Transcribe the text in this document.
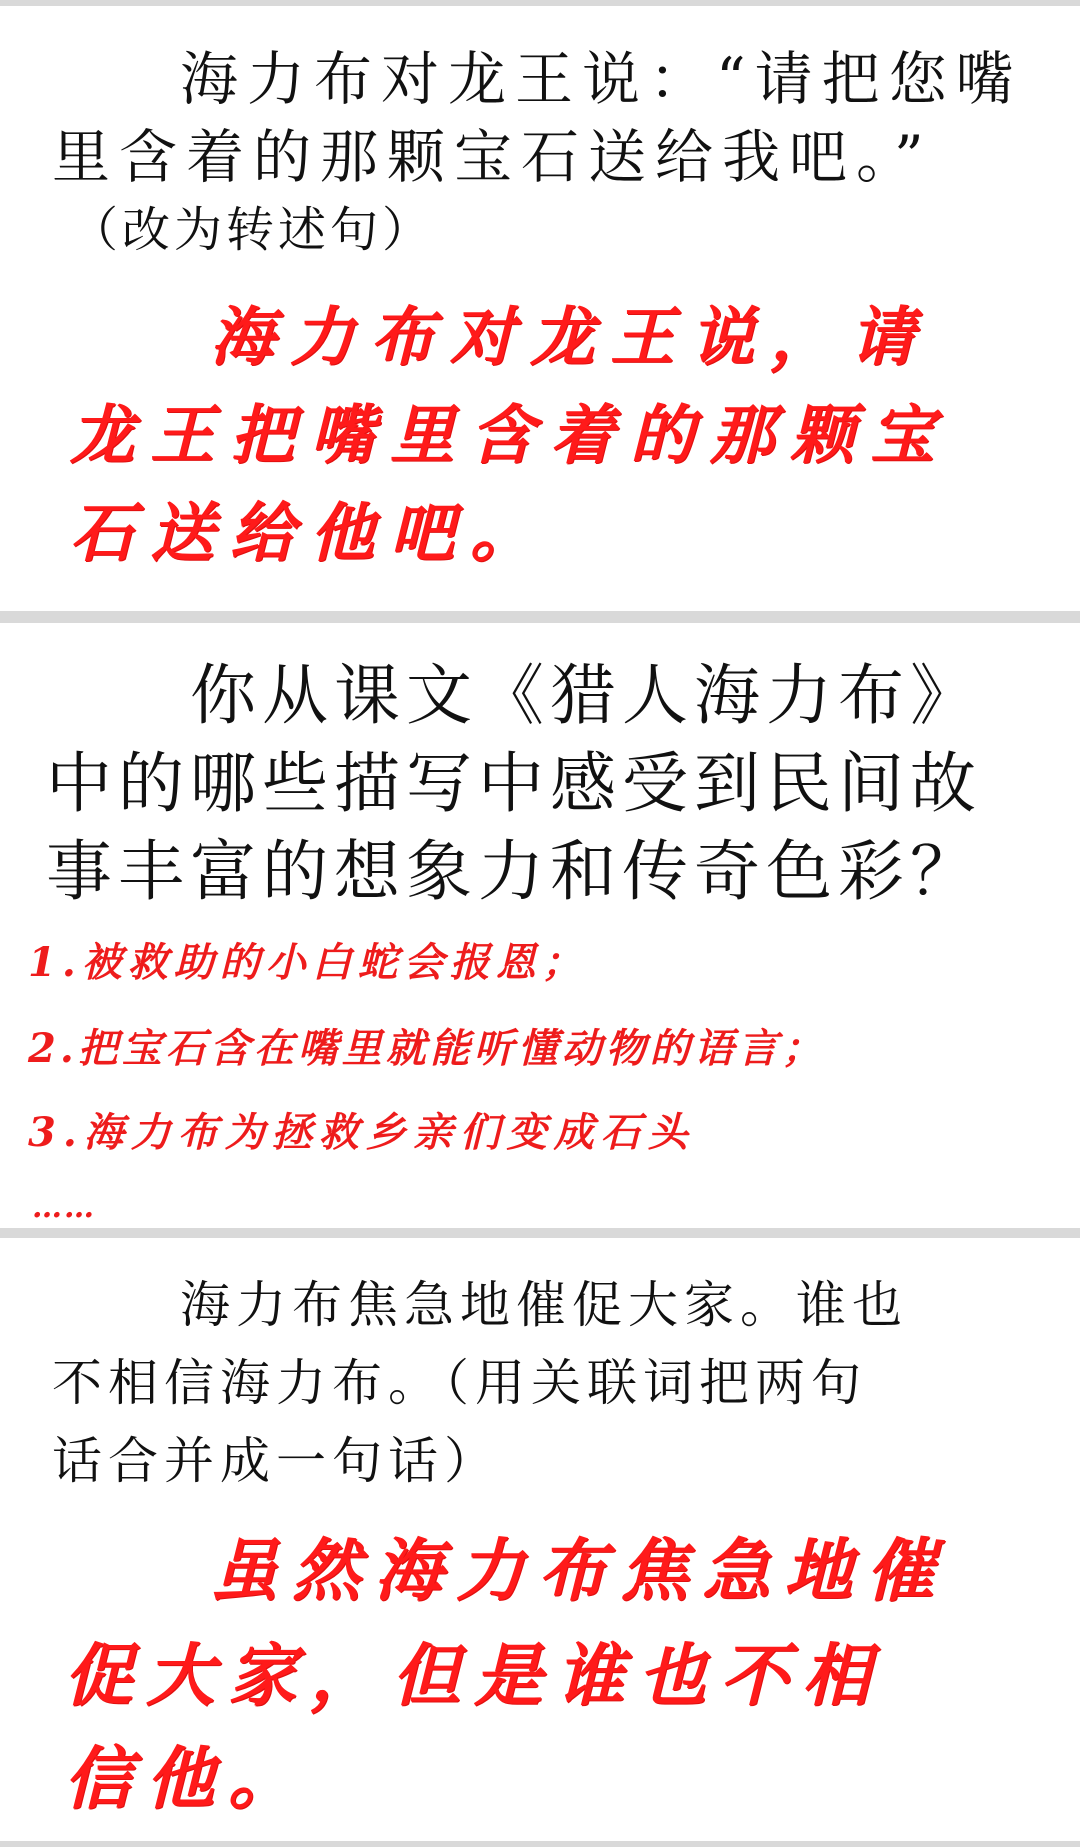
海力布对龙王说：“请把您嘴
里含着的那颗宝石送给我吧。”
（改为转述句）
海力布对龙王说，请
龙王把嘴里含着的那颗宝
石送给他吧。
你从课文《猎人海力布》
中的哪些描写中感受到民间故
事丰富的想象力和传奇色彩？
1.被救助的小白蛇会报恩；
2.把宝石含在嘴里就能听懂动物的语言；
3.海力布为拯救乡亲们变成石头
……
海力布焦急地催促大家。谁也
不相信海力布。（用关联词把两句
话合并成一句话）
虽然海力布焦急地催
促大家，但是谁也不相
信他。
